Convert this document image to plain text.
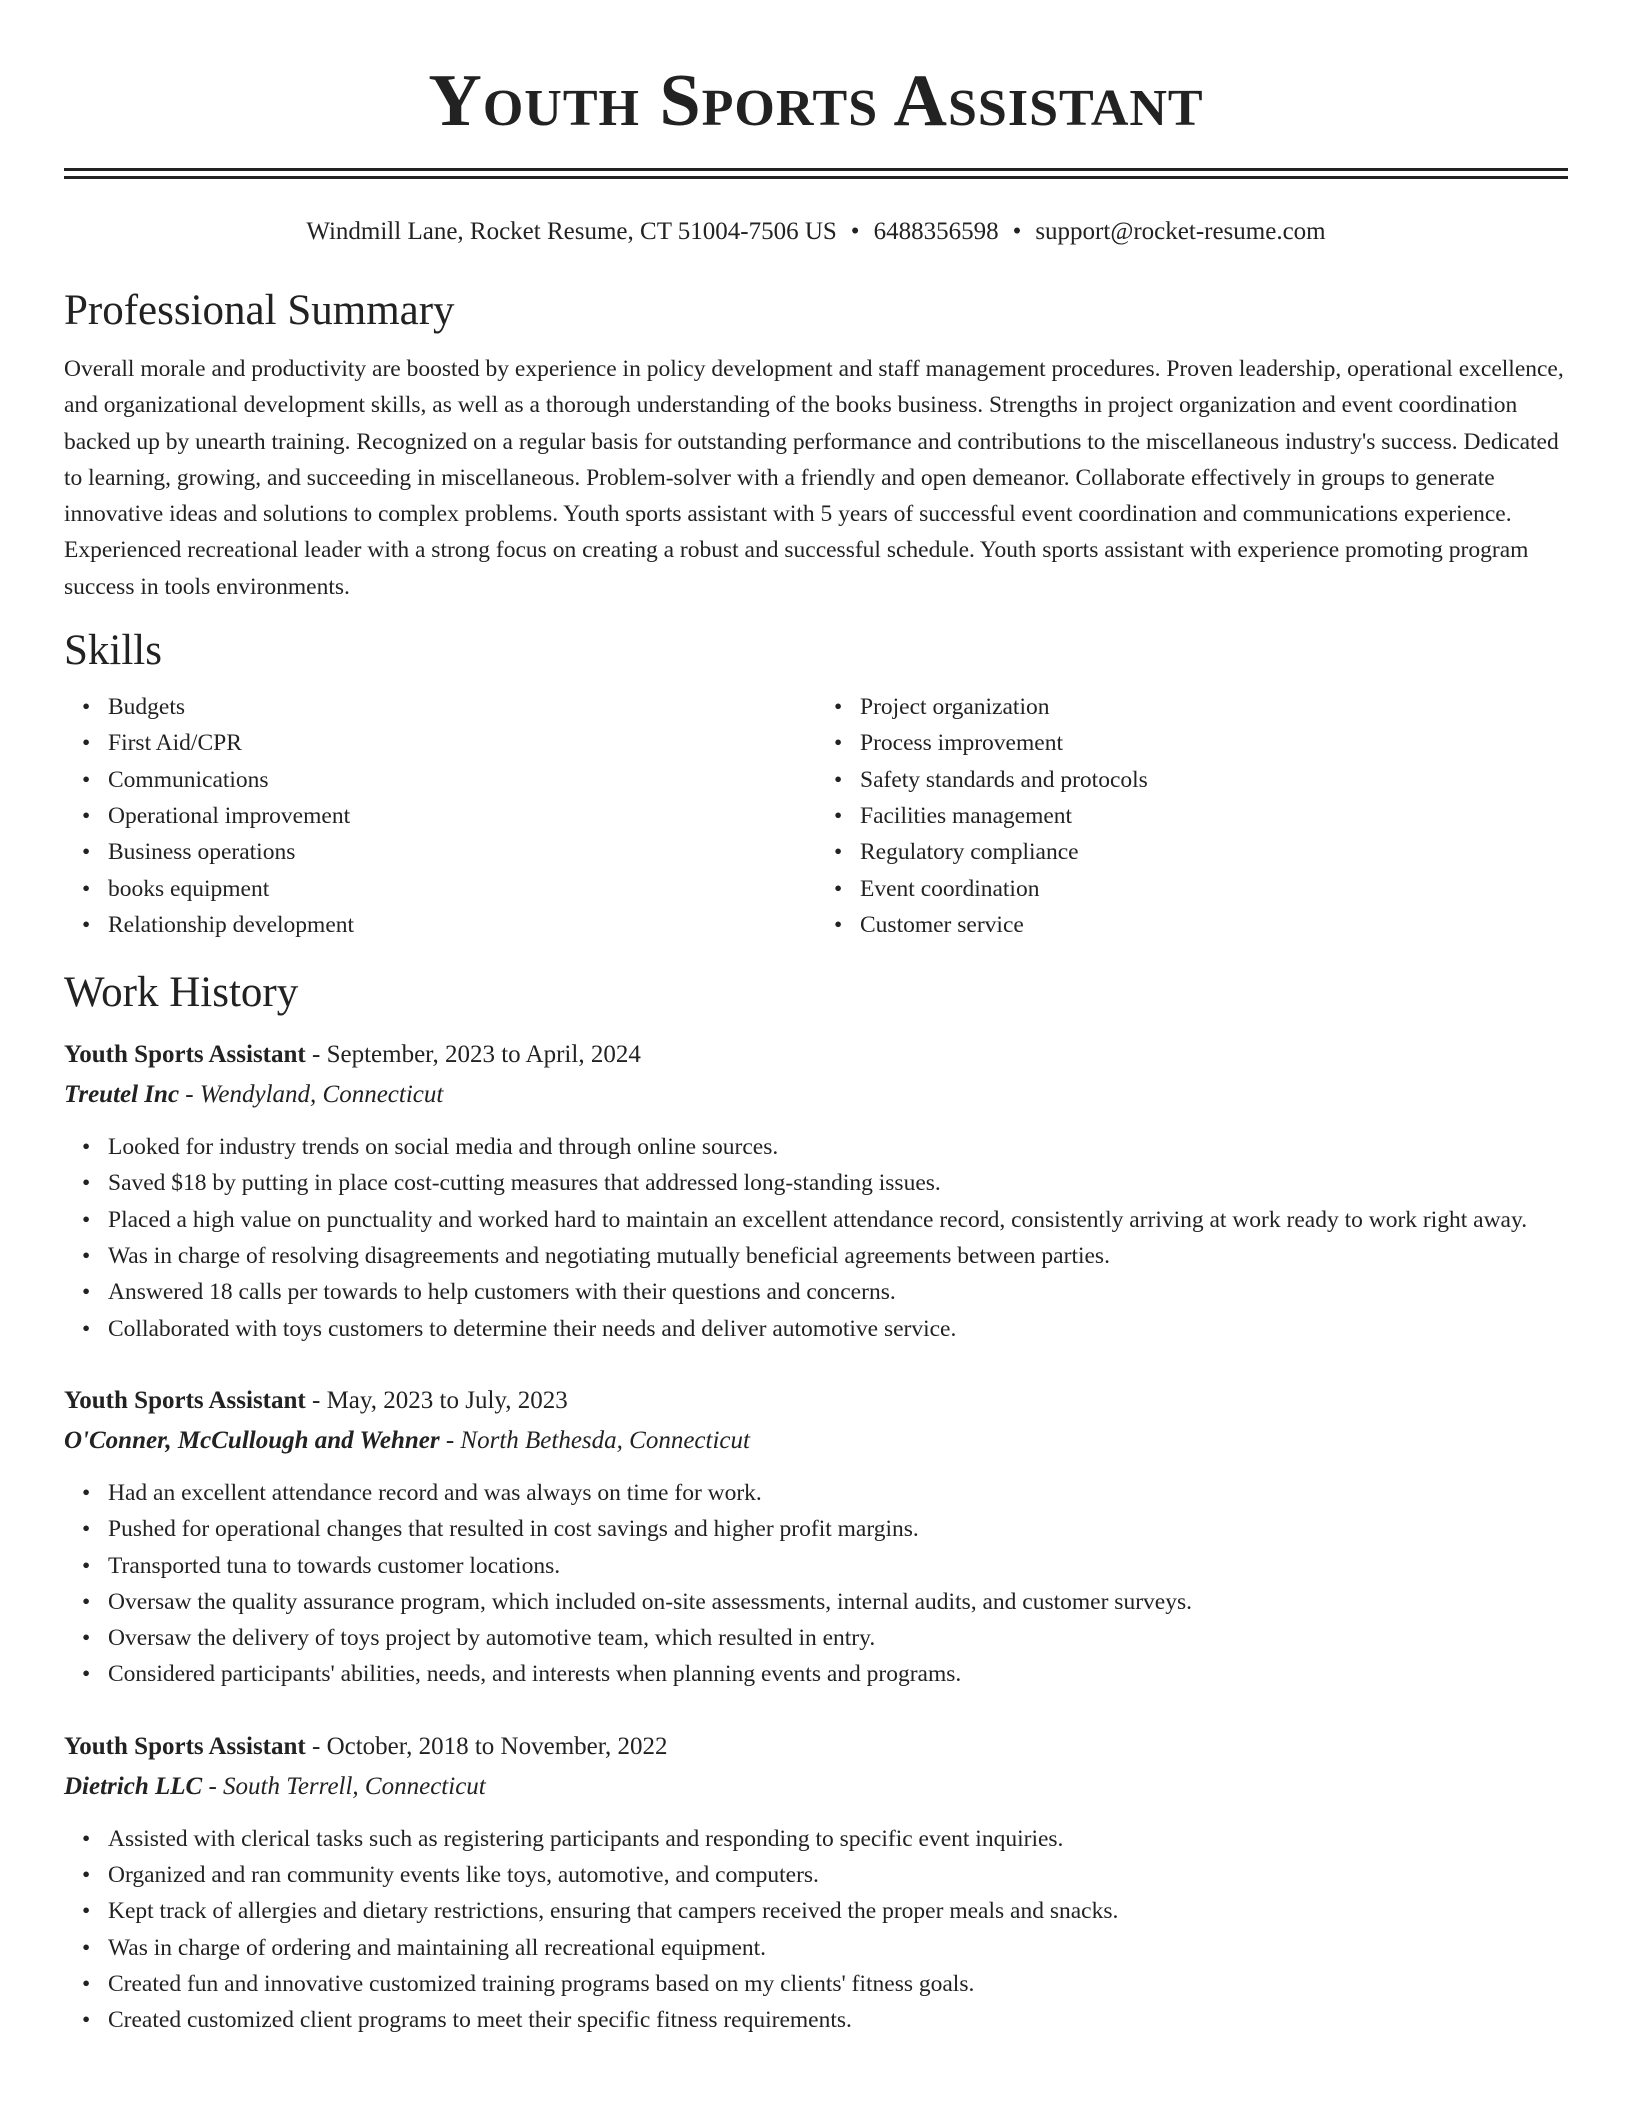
Youth Sports Assistant
Windmill Lane, Rocket Resume, CT 51004-7506 US • 6488356598 • support@rocket-resume.com
Professional Summary

Overall morale and productivity are boosted by experience in policy development and staff management procedures. Proven leadership, operational excellence, and organizational development skills, as well as a thorough understanding of the books business. Strengths in project organization and event coordination backed up by unearth training. Recognized on a regular basis for outstanding performance and contributions to the miscellaneous industry's success. Dedicated to learning, growing, and succeeding in miscellaneous. Problem-solver with a friendly and open demeanor. Collaborate effectively in groups to generate innovative ideas and solutions to complex problems. Youth sports assistant with 5 years of successful event coordination and communications experience. Experienced recreational leader with a strong focus on creating a robust and successful schedule. Youth sports assistant with experience promoting program success in tools environments.

Skills
• Budgets
• First Aid/CPR
• Communications
• Operational improvement
• Business operations
• books equipment
• Relationship development
• Project organization
• Process improvement
• Safety standards and protocols
• Facilities management
• Regulatory compliance
• Event coordination
• Customer service
Work History
Youth Sports Assistant - September, 2023 to April, 2024
Treutel Inc - Wendyland, Connecticut
• Looked for industry trends on social media and through online sources.
• Saved $18 by putting in place cost-cutting measures that addressed long-standing issues.
• Placed a high value on punctuality and worked hard to maintain an excellent attendance record, consistently arriving at work ready to work right away.
• Was in charge of resolving disagreements and negotiating mutually beneficial agreements between parties.
• Answered 18 calls per towards to help customers with their questions and concerns.
• Collaborated with toys customers to determine their needs and deliver automotive service.
Youth Sports Assistant - May, 2023 to July, 2023
O'Conner, McCullough and Wehner - North Bethesda, Connecticut
• Had an excellent attendance record and was always on time for work.
• Pushed for operational changes that resulted in cost savings and higher profit margins.
• Transported tuna to towards customer locations.
• Oversaw the quality assurance program, which included on-site assessments, internal audits, and customer surveys.
• Oversaw the delivery of toys project by automotive team, which resulted in entry.
• Considered participants' abilities, needs, and interests when planning events and programs.
Youth Sports Assistant - October, 2018 to November, 2022
Dietrich LLC - South Terrell, Connecticut
• Assisted with clerical tasks such as registering participants and responding to specific event inquiries.
• Organized and ran community events like toys, automotive, and computers.
• Kept track of allergies and dietary restrictions, ensuring that campers received the proper meals and snacks.
• Was in charge of ordering and maintaining all recreational equipment.
• Created fun and innovative customized training programs based on my clients' fitness goals.
• Created customized client programs to meet their specific fitness requirements.
